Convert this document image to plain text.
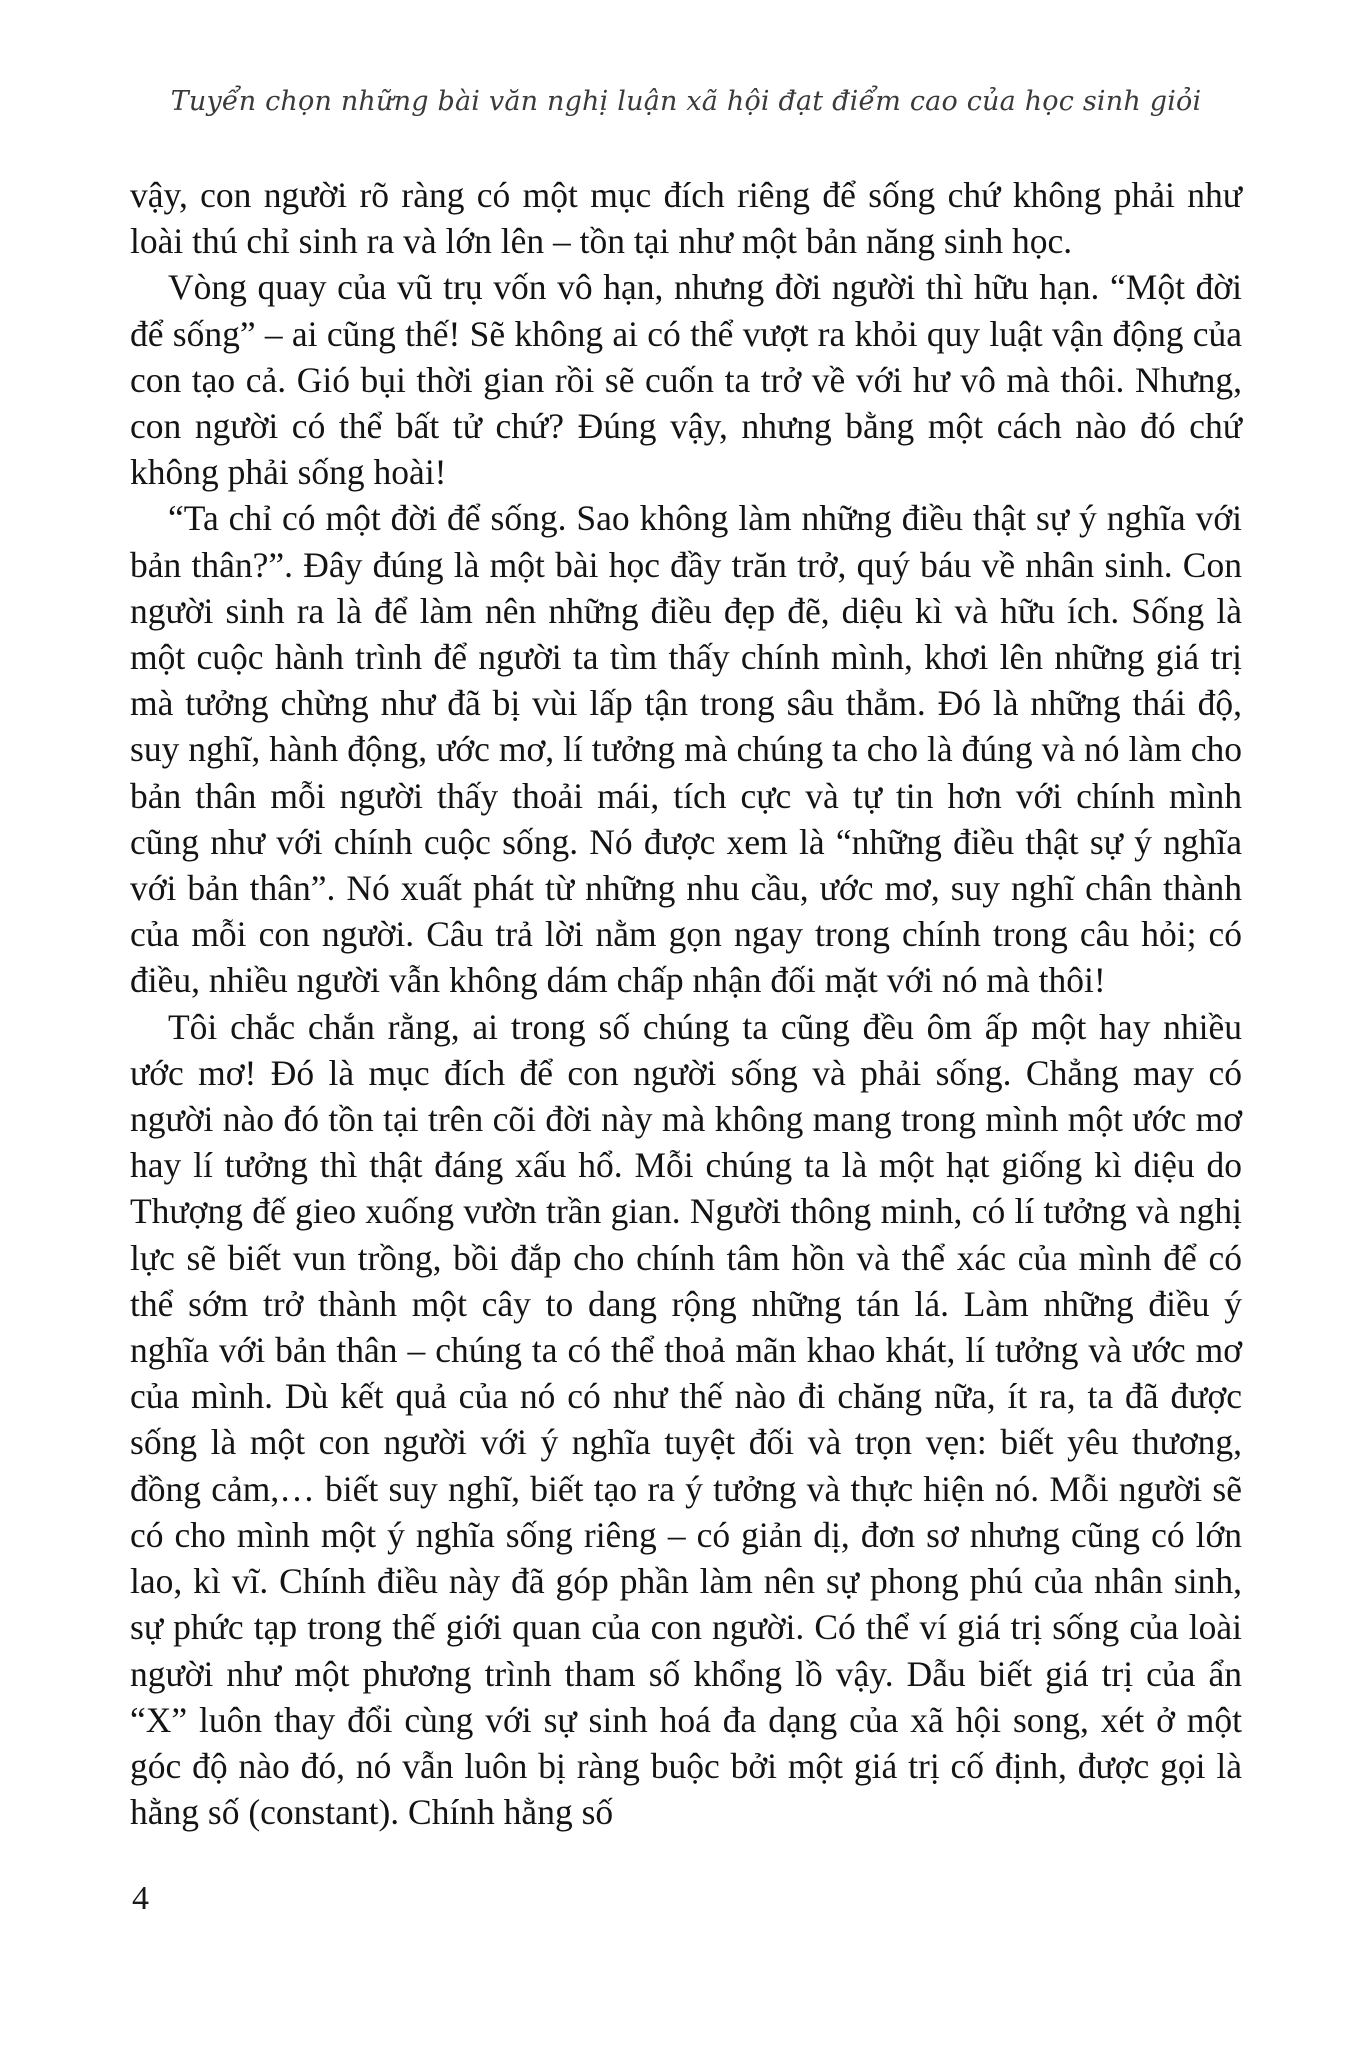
Tuyển chọn những bài văn nghị luận xã hội đạt điểm cao của học sinh giỏi

vậy, con người rõ ràng có một mục đích riêng để sống chứ không phải như loài thú chỉ sinh ra và lớn lên – tồn tại như một bản năng sinh học.

Vòng quay của vũ trụ vốn vô hạn, nhưng đời người thì hữu hạn. “Một đời để sống” – ai cũng thế! Sẽ không ai có thể vượt ra khỏi quy luật vận động của con tạo cả. Gió bụi thời gian rồi sẽ cuốn ta trở về với hư vô mà thôi. Nhưng, con người có thể bất tử chứ? Đúng vậy, nhưng bằng một cách nào đó chứ không phải sống hoài!

“Ta chỉ có một đời để sống. Sao không làm những điều thật sự ý nghĩa với bản thân?”. Đây đúng là một bài học đầy trăn trở, quý báu về nhân sinh. Con người sinh ra là để làm nên những điều đẹp đẽ, diệu kì và hữu ích. Sống là một cuộc hành trình để người ta tìm thấy chính mình, khơi lên những giá trị mà tưởng chừng như đã bị vùi lấp tận trong sâu thẳm. Đó là những thái độ, suy nghĩ, hành động, ước mơ, lí tưởng mà chúng ta cho là đúng và nó làm cho bản thân mỗi người thấy thoải mái, tích cực và tự tin hơn với chính mình cũng như với chính cuộc sống. Nó được xem là “những điều thật sự ý nghĩa với bản thân”. Nó xuất phát từ những nhu cầu, ước mơ, suy nghĩ chân thành của mỗi con người. Câu trả lời nằm gọn ngay trong chính trong câu hỏi; có điều, nhiều người vẫn không dám chấp nhận đối mặt với nó mà thôi!

Tôi chắc chắn rằng, ai trong số chúng ta cũng đều ôm ấp một hay nhiều ước mơ! Đó là mục đích để con người sống và phải sống. Chẳng may có người nào đó tồn tại trên cõi đời này mà không mang trong mình một ước mơ hay lí tưởng thì thật đáng xấu hổ. Mỗi chúng ta là một hạt giống kì diệu do Thượng đế gieo xuống vườn trần gian. Người thông minh, có lí tưởng và nghị lực sẽ biết vun trồng, bồi đắp cho chính tâm hồn và thể xác của mình để có thể sớm trở thành một cây to dang rộng những tán lá. Làm những điều ý nghĩa với bản thân – chúng ta có thể thoả mãn khao khát, lí tưởng và ước mơ của mình. Dù kết quả của nó có như thế nào đi chăng nữa, ít ra, ta đã được sống là một con người với ý nghĩa tuyệt đối và trọn vẹn: biết yêu thương, đồng cảm,… biết suy nghĩ, biết tạo ra ý tưởng và thực hiện nó. Mỗi người sẽ có cho mình một ý nghĩa sống riêng – có giản dị, đơn sơ nhưng cũng có lớn lao, kì vĩ. Chính điều này đã góp phần làm nên sự phong phú của nhân sinh, sự phức tạp trong thế giới quan của con người. Có thể ví giá trị sống của loài người như một phương trình tham số khổng lồ vậy. Dẫu biết giá trị của ẩn “X” luôn thay đổi cùng với sự sinh hoá đa dạng của xã hội song, xét ở một góc độ nào đó, nó vẫn luôn bị ràng buộc bởi một giá trị cố định, được gọi là hằng số (constant). Chính hằng số

4
